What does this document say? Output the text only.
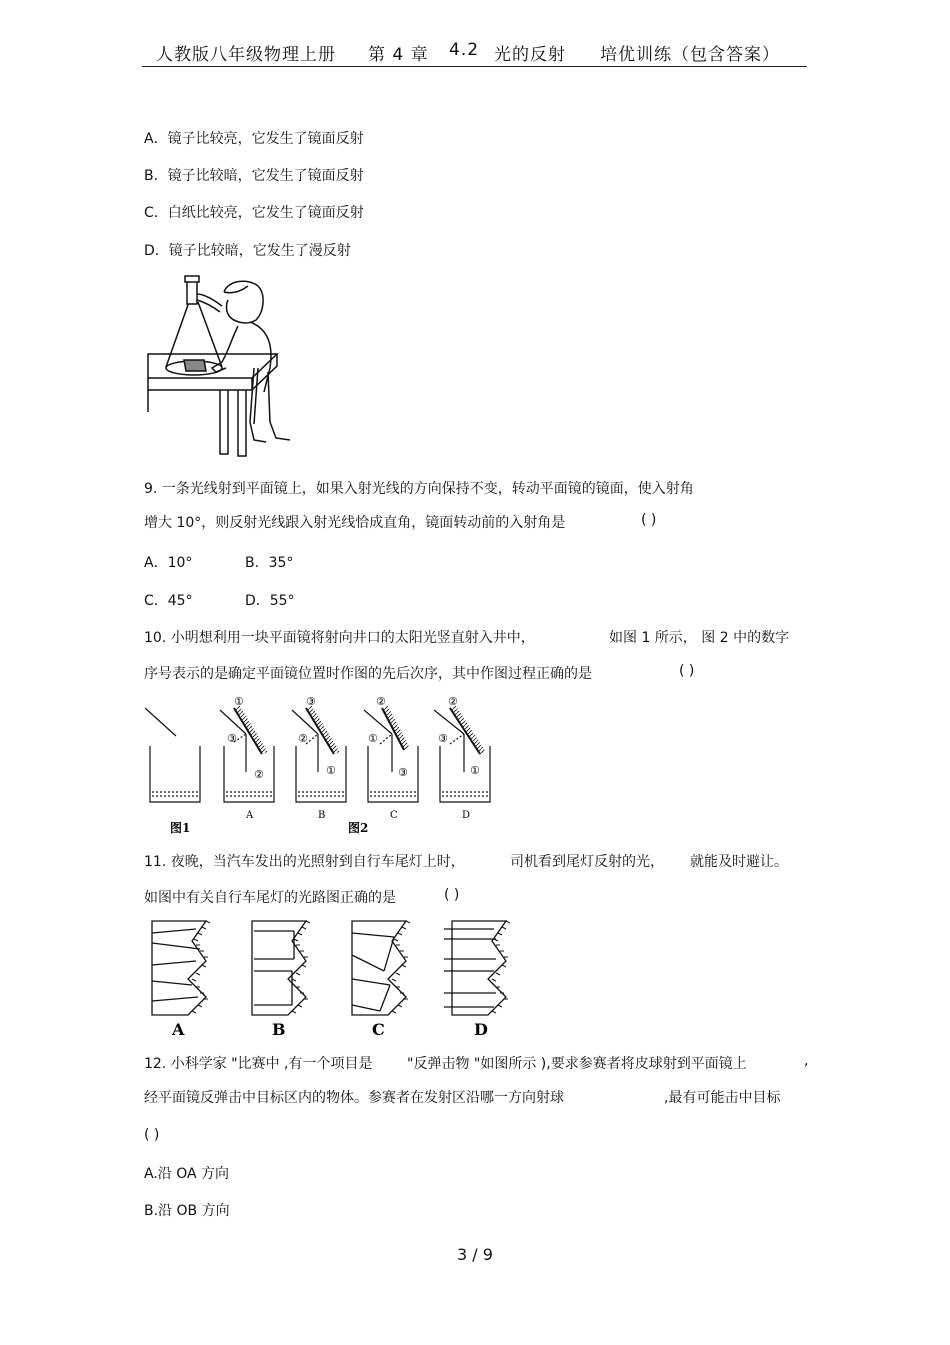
人教版八年级物理上册 第 4 章 4.2 光的反射 培优训练（包含答案）
A．镜子比较亮，它发生了镜面反射
B．镜子比较暗，它发生了镜面反射
C．白纸比较亮，它发生了镜面反射
D．镜子比较暗，它发生了漫反射
9. 一条光线射到平面镜上，如果入射光线的方向保持不变，转动平面镜的镜面，使入射角
增大 10°，则反射光线跟入射光线恰成直角，镜面转动前的入射角是	( )
A．10°	B．35°
C．45°	D．55°
10. 小明想利用一块平面镜将射向井口的太阳光竖直射入井中，	如图 1 所示， 图 2 中的数字
序号表示的是确定平面镜位置时作图的先后次序，其中作图过程正确的是	( )
图1	图2
①
③
②
③
②
①
②
①
③
②
③
①
A	B	C	D
11. 夜晚，当汽车发出的光照射到自行车尾灯上时，	司机看到尾灯反射的光， 就能及时避让。
如图中有关自行车尾灯的光路图正确的是	( )
A	B	C	D
12. 小科学家 "比赛中 ,有一个项目是 "反弹击物 "如图所示 ),要求参赛者将皮球射到平面镜上	,
经平面镜反弹击中目标区内的物体。参赛者在发射区沿哪一方向射球	,最有可能击中目标
( )
A.沿 OA 方向
B.沿 OB 方向
3 / 9
